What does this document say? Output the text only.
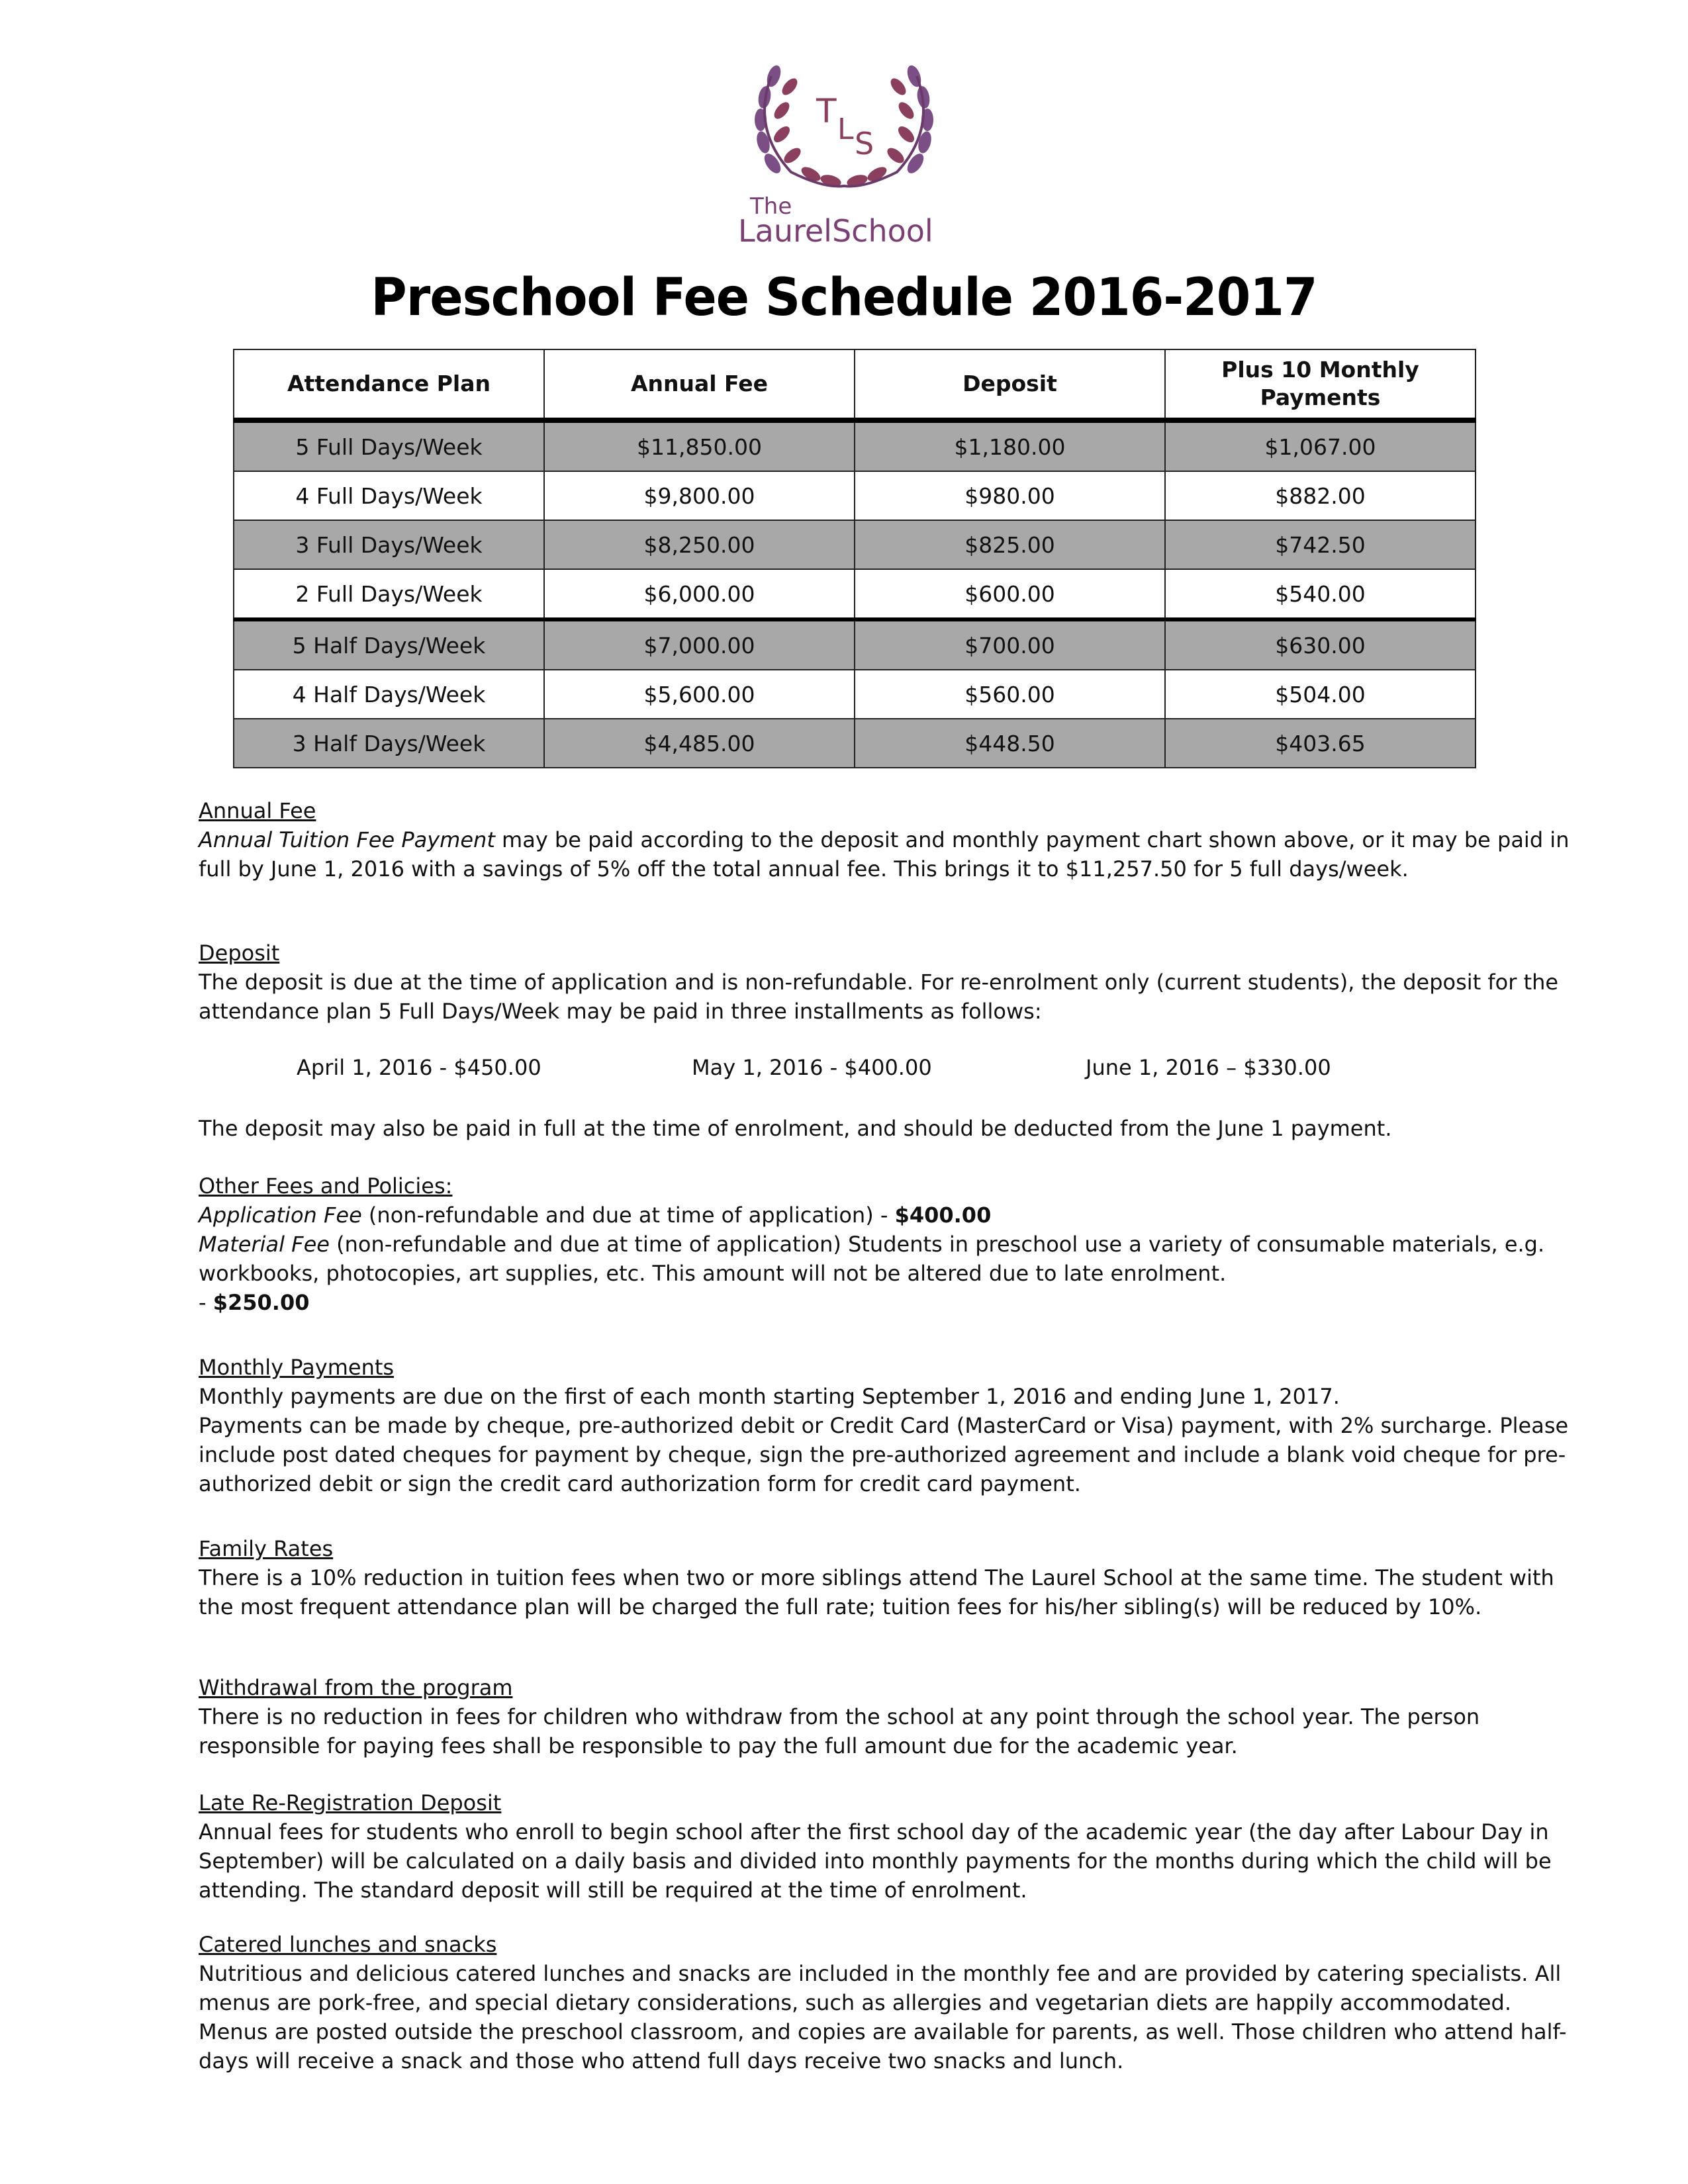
T L S
The
LaurelSchool
Preschool Fee Schedule 2016-2017
Attendance Plan	Annual Fee	Deposit	Plus 10 Monthly Payments
5 Full Days/Week	$11,850.00	$1,180.00	$1,067.00
4 Full Days/Week	$9,800.00	$980.00	$882.00
3 Full Days/Week	$8,250.00	$825.00	$742.50
2 Full Days/Week	$6,000.00	$600.00	$540.00
5 Half Days/Week	$7,000.00	$700.00	$630.00
4 Half Days/Week	$5,600.00	$560.00	$504.00
3 Half Days/Week	$4,485.00	$448.50	$403.65

Annual Fee

Annual Tuition Fee Payment may be paid according to the deposit and monthly payment chart shown above, or it may be paid in full by June 1, 2016 with a savings of 5% off the total annual fee. This brings it to $11,257.50 for 5 full days/week.

Deposit

The deposit is due at the time of application and is non-refundable. For re-enrolment only (current students), the deposit for the attendance plan 5 Full Days/Week may be paid in three installments as follows:

April 1, 2016 - $450.00	May 1, 2016 - $400.00	June 1, 2016 – $330.00
The deposit may also be paid in full at the time of enrolment, and should be deducted from the June 1 payment.

Other Fees and Policies:

Application Fee (non-refundable and due at time of application) - $400.00

Material Fee (non-refundable and due at time of application) Students in preschool use a variety of consumable materials, e.g. workbooks, photocopies, art supplies, etc. This amount will not be altered due to late enrolment.

- $250.00

Monthly Payments

Monthly payments are due on the first of each month starting September 1, 2016 and ending June 1, 2017.

Payments can be made by cheque, pre-authorized debit or Credit Card (MasterCard or Visa) payment, with 2% surcharge. Please include post dated cheques for payment by cheque, sign the pre-authorized agreement and include a blank void cheque for pre-authorized debit or sign the credit card authorization form for credit card payment.

Family Rates

There is a 10% reduction in tuition fees when two or more siblings attend The Laurel School at the same time. The student with the most frequent attendance plan will be charged the full rate; tuition fees for his/her sibling(s) will be reduced by 10%.

Withdrawal from the program

There is no reduction in fees for children who withdraw from the school at any point through the school year. The person responsible for paying fees shall be responsible to pay the full amount due for the academic year.

Late Re-Registration Deposit

Annual fees for students who enroll to begin school after the first school day of the academic year (the day after Labour Day in September) will be calculated on a daily basis and divided into monthly payments for the months during which the child will be attending. The standard deposit will still be required at the time of enrolment.

Catered lunches and snacks

Nutritious and delicious catered lunches and snacks are included in the monthly fee and are provided by catering specialists. All menus are pork-free, and special dietary considerations, such as allergies and vegetarian diets are happily accommodated. Menus are posted outside the preschool classroom, and copies are available for parents, as well. Those children who attend half-days will receive a snack and those who attend full days receive two snacks and lunch.
